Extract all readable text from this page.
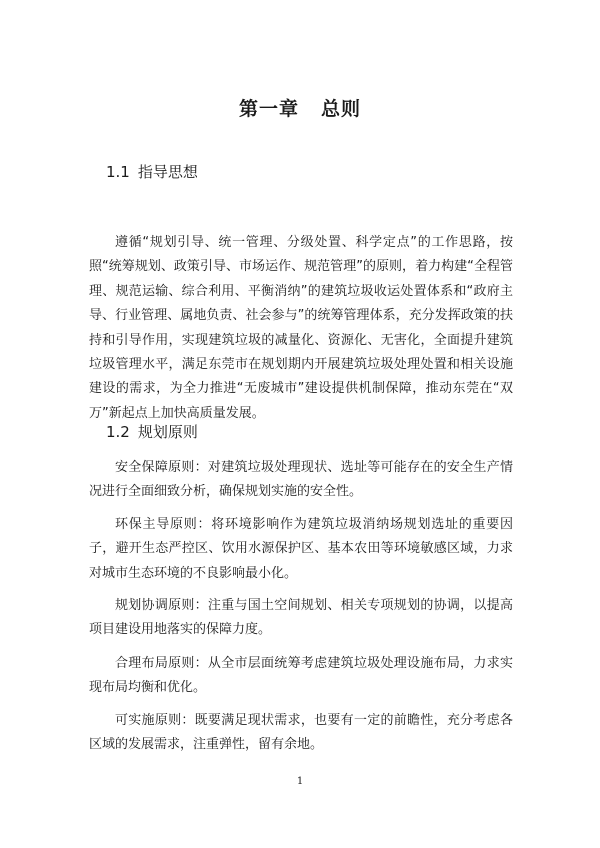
第一章 总则
1.1 指导思想

遵循“规划引导、统一管理、分级处置、科学定点”的工作思路，按照“统筹规划、政策引导、市场运作、规范管理”的原则，着力构建“全程管理、规范运输、综合利用、平衡消纳”的建筑垃圾收运处置体系和“政府主导、行业管理、属地负责、社会参与”的统筹管理体系，充分发挥政策的扶持和引导作用，实现建筑垃圾的减量化、资源化、无害化，全面提升建筑垃圾管理水平，满足东莞市在规划期内开展建筑垃圾处理处置和相关设施建设的需求，为全力推进“无废城市”建设提供机制保障，推动东莞在“双万”新起点上加快高质量发展。

1.2 规划原则

安全保障原则：对建筑垃圾处理现状、选址等可能存在的安全生产情况进行全面细致分析，确保规划实施的安全性。

环保主导原则：将环境影响作为建筑垃圾消纳场规划选址的重要因子，避开生态严控区、饮用水源保护区、基本农田等环境敏感区域，力求对城市生态环境的不良影响最小化。

规划协调原则：注重与国土空间规划、相关专项规划的协调，以提高项目建设用地落实的保障力度。

合理布局原则：从全市层面统筹考虑建筑垃圾处理设施布局，力求实现布局均衡和优化。

可实施原则：既要满足现状需求，也要有一定的前瞻性，充分考虑各区域的发展需求，注重弹性，留有余地。

1
